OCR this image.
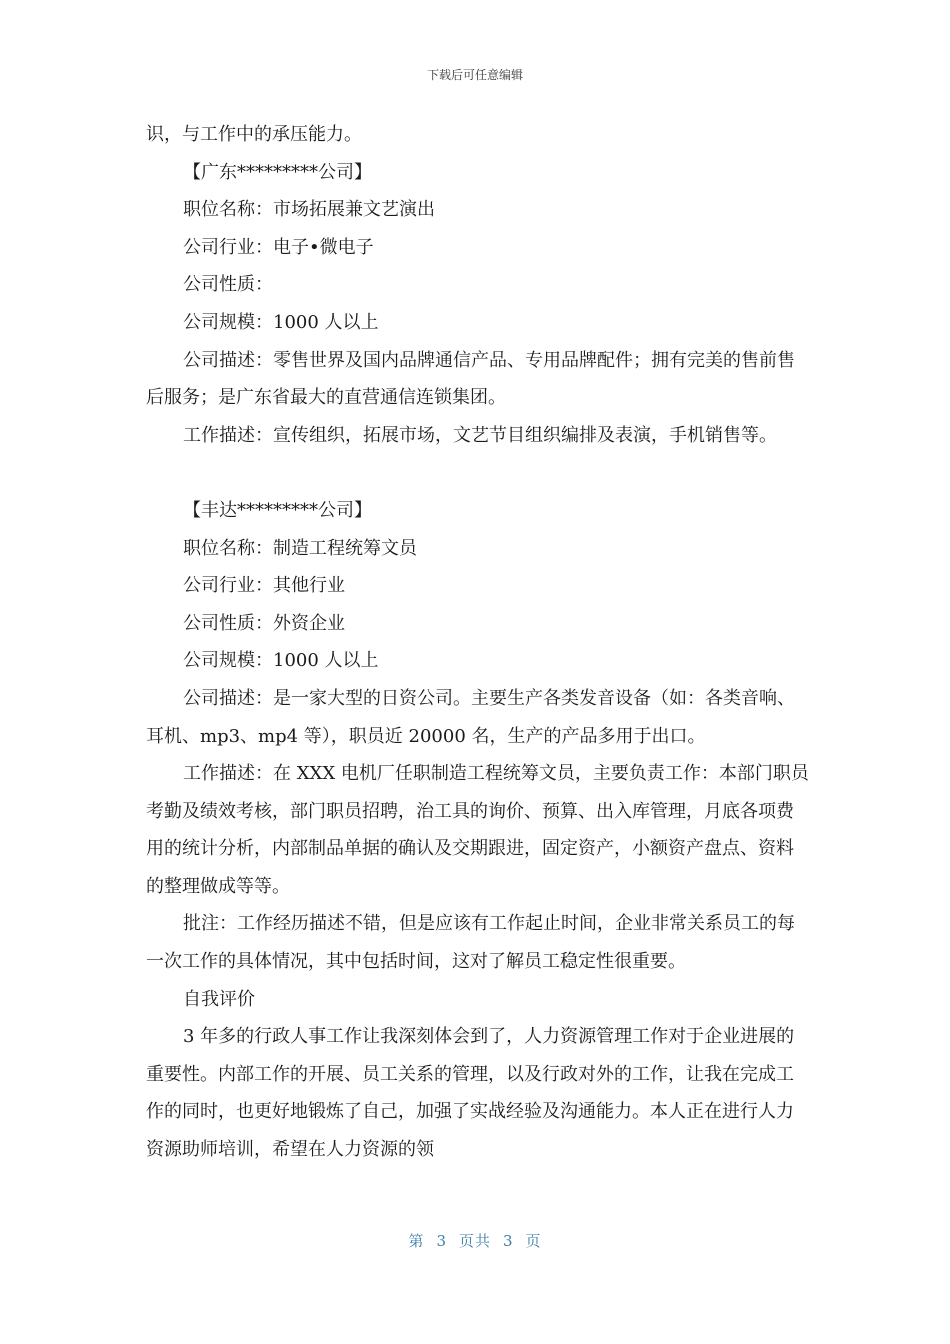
下载后可任意编辑

识，与工作中的承压能力。

【广东*********公司】

职位名称：市场拓展兼文艺演出

公司行业：电子•微电子

公司性质：

公司规模：1000 人以上

公司描述：零售世界及国内品牌通信产品、专用品牌配件；拥有完美的售前售后服务；是广东省最大的直营通信连锁集团。

工作描述：宣传组织，拓展市场，文艺节目组织编排及表演，手机销售等。

【丰达*********公司】

职位名称：制造工程统筹文员

公司行业：其他行业

公司性质：外资企业

公司规模：1000 人以上

公司描述：是一家大型的日资公司。主要生产各类发音设备（如：各类音响、耳机、mp3、mp4 等），职员近 20000 名，生产的产品多用于出口。

工作描述：在 XXX 电机厂任职制造工程统筹文员，主要负责工作：本部门职员考勤及绩效考核，部门职员招聘，治工具的询价、预算、出入库管理，月底各项费用的统计分析，内部制品单据的确认及交期跟进，固定资产，小额资产盘点、资料的整理做成等等。

批注：工作经历描述不错，但是应该有工作起止时间，企业非常关系员工的每一次工作的具体情况，其中包括时间，这对了解员工稳定性很重要。

自我评价

3 年多的行政人事工作让我深刻体会到了，人力资源管理工作对于企业进展的重要性。内部工作的开展、员工关系的管理，以及行政对外的工作，让我在完成工作的同时，也更好地锻炼了自己，加强了实战经验及沟通能力。本人正在进行人力资源助师培训，希望在人力资源的领

第 3 页共 3 页
